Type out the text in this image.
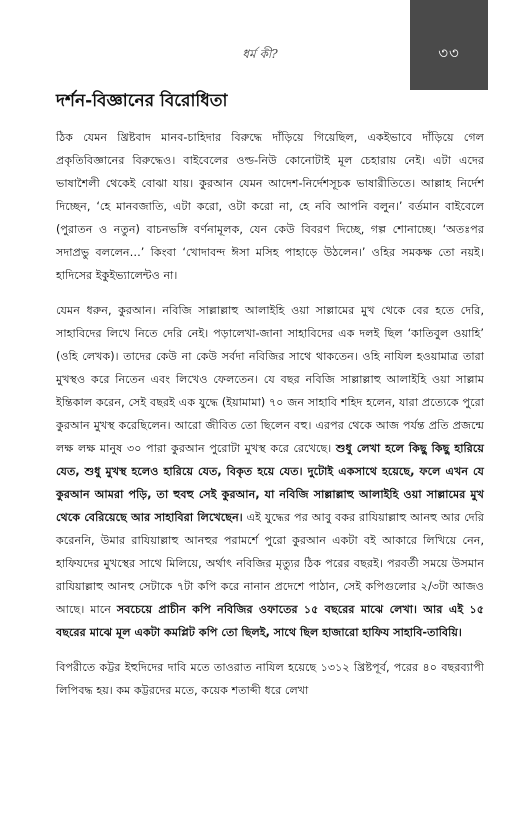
ধর্ম কী?	৩৩
দর্শন-বিজ্ঞানের বিরোধিতা

ঠিক যেমন খ্রিষ্টবাদ মানব-চাহিদার বিরুদ্ধে দাঁড়িয়ে গিয়েছিল, একইভাবে দাঁড়িয়ে গেল প্রকৃতিবিজ্ঞানের বিরুদ্ধেও। বাইবেলের ওল্ড-নিউ কোনোটাই মূল চেহারায় নেই। এটা এদের ভাষাশৈলী থেকেই বোঝা যায়। কুরআন যেমন আদেশ-নির্দেশসূচক ভাষারীতিতে। আল্লাহ নির্দেশ দিচ্ছেন, ‘হে মানবজাতি, এটা করো, ওটা করো না, হে নবি আপনি বলুন।’ বর্তমান বাইবেলে (পুরাতন ও নতুন) বাচনভঙ্গি বর্ণনামূলক, যেন কেউ বিবরণ দিচ্ছে, গল্প শোনাচ্ছে। ‘অতঃপর সদাপ্রভু বললেন…’ কিংবা ‘খোদাবন্দ ঈসা মসিহ পাহাড়ে উঠলেন।’ ওহির সমকক্ষ তো নয়ই। হাদিসের ইকুইভ্যালেন্টও না।

যেমন ধরুন, কুরআন। নবিজি সাল্লাল্লাহু আলাইহি ওয়া সাল্লামের মুখ থেকে বের হতে দেরি, সাহাবিদের লিখে নিতে দেরি নেই। পড়ালেখা-জানা সাহাবিদের এক দলই ছিল ‘কাতিবুল ওয়াহি’ (ওহি লেখক)। তাদের কেউ না কেউ সর্বদা নবিজির সাথে থাকতেন। ওহি নাযিল হওয়ামাত্র তারা মুখস্থও করে নিতেন এবং লিখেও ফেলতেন। যে বছর নবিজি সাল্লাল্লাহু আলাইহি ওয়া সাল্লাম ইন্তিকাল করেন, সেই বছরই এক যুদ্ধে (ইয়ামামা) ৭০ জন সাহাবি শহিদ হলেন, যারা প্রত্যেকে পুরো কুরআন মুখস্থ করেছিলেন। আরো জীবিত তো ছিলেন বহু। এরপর থেকে আজ পর্যন্ত প্রতি প্রজন্মে লক্ষ লক্ষ মানুষ ৩০ পারা কুরআন পুরোটা মুখস্থ করে রেখেছে। শুধু লেখা হলে কিছু কিছু হারিয়ে যেত, শুধু মুখস্থ হলেও হারিয়ে যেত, বিকৃত হয়ে যেত। দুটোই একসাথে হয়েছে, ফলে এখন যে কুরআন আমরা পড়ি, তা হুবহু সেই কুরআন, যা নবিজি সাল্লাল্লাহু আলাইহি ওয়া সাল্লামের মুখ থেকে বেরিয়েছে আর সাহাবিরা লিখেছেন। এই যুদ্ধের পর আবু বকর রাযিয়াল্লাহু আনহু আর দেরি করেননি, উমার রাযিয়াল্লাহু আনহুর পরামর্শে পুরো কুরআন একটা বই আকারে লিখিয়ে নেন, হাফিযদের মুখস্থের সাথে মিলিয়ে, অর্থাৎ নবিজির মৃত্যুর ঠিক পরের বছরই। পরবর্তী সময়ে উসমান রাযিয়াল্লাহু আনহু সেটাকে ৭টা কপি করে নানান প্রদেশে পাঠান, সেই কপিগুলোর ২/৩টা আজও আছে। মানে সবচেয়ে প্রাচীন কপি নবিজির ওফাতের ১৫ বছরের মাঝে লেখা। আর এই ১৫ বছরের মাঝে মূল একটা কমপ্লিট কপি তো ছিলই, সাথে ছিল হাজারো হাফিয সাহাবি-তাবিয়ি।

বিপরীতে কট্টর ইহুদিদের দাবি মতে তাওরাত নাযিল হয়েছে ১৩১২ খ্রিষ্টপূর্ব, পরের ৪০ বছরব্যাপী লিপিবদ্ধ হয়। কম কট্টরদের মতে, কয়েক শতাব্দী ধরে লেখা
